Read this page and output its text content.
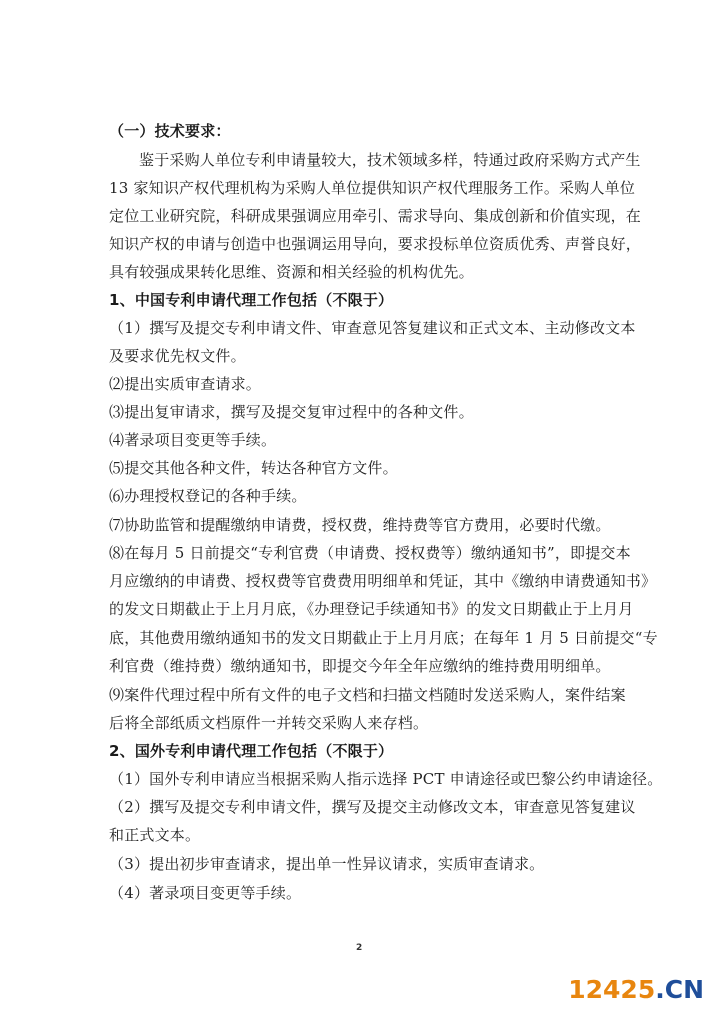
（一）技术要求：
鉴于采购人单位专利申请量较大，技术领域多样，特通过政府采购方式产生
13 家知识产权代理机构为采购人单位提供知识产权代理服务工作。采购人单位
定位工业研究院，科研成果强调应用牵引、需求导向、集成创新和价值实现，在
知识产权的申请与创造中也强调运用导向，要求投标单位资质优秀、声誉良好，
具有较强成果转化思维、资源和相关经验的机构优先。
1、中国专利申请代理工作包括（不限于）
（1）撰写及提交专利申请文件、审查意见答复建议和正式文本、主动修改文本
及要求优先权文件。
⑵提出实质审查请求。
⑶提出复审请求，撰写及提交复审过程中的各种文件。
⑷著录项目变更等手续。
⑸提交其他各种文件，转达各种官方文件。
⑹办理授权登记的各种手续。
⑺协助监管和提醒缴纳申请费，授权费，维持费等官方费用，必要时代缴。
⑻在每月 5 日前提交“专利官费（申请费、授权费等）缴纳通知书”，即提交本
月应缴纳的申请费、授权费等官费费用明细单和凭证，其中《缴纳申请费通知书》
的发文日期截止于上月月底，《办理登记手续通知书》的发文日期截止于上月月
底，其他费用缴纳通知书的发文日期截止于上月月底；在每年 1 月 5 日前提交“专
利官费（维持费）缴纳通知书，即提交今年全年应缴纳的维持费用明细单。
⑼案件代理过程中所有文件的电子文档和扫描文档随时发送采购人，案件结案
后将全部纸质文档原件一并转交采购人来存档。
2、国外专利申请代理工作包括（不限于）
（1）国外专利申请应当根据采购人指示选择 PCT 申请途径或巴黎公约申请途径。
（2）撰写及提交专利申请文件，撰写及提交主动修改文本，审查意见答复建议
和正式文本。
（3）提出初步审查请求，提出单一性异议请求，实质审查请求。
（4）著录项目变更等手续。
2
12425.CN
